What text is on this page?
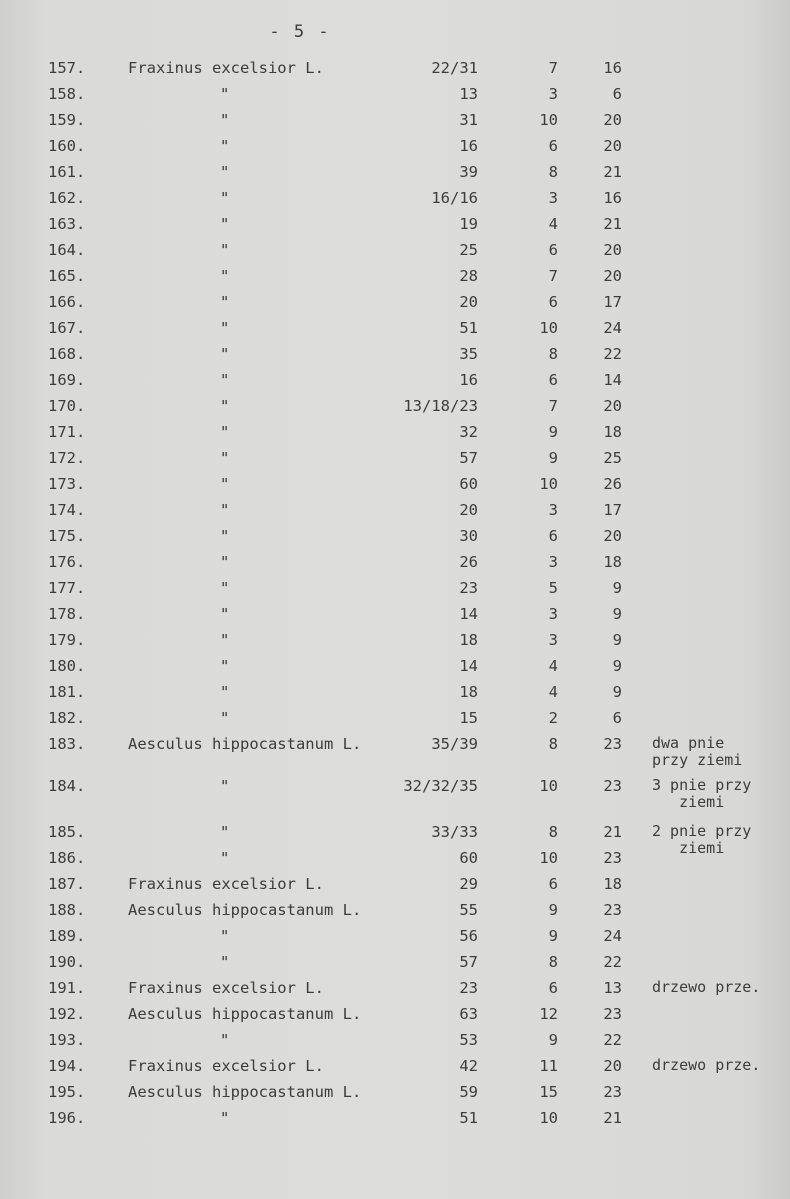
- 5 -
157.	Fraxinus excelsior L.	22/31	7	16
158.	"	13	3	6
159.	"	31	10	20
160.	"	16	6	20
161.	"	39	8	21
162.	"	16/16	3	16
163.	"	19	4	21
164.	"	25	6	20
165.	"	28	7	20
166.	"	20	6	17
167.	"	51	10	24
168.	"	35	8	22
169.	"	16	6	14
170.	"	13/18/23	7	20
171.	"	32	9	18
172.	"	57	9	25
173.	"	60	10	26
174.	"	20	3	17
175.	"	30	6	20
176.	"	26	3	18
177.	"	23	5	9
178.	"	14	3	9
179.	"	18	3	9
180.	"	14	4	9
181.	"	18	4	9
182.	"	15	2	6
183.	Aesculus hippocastanum L.	35/39	8	23 dwa pnie
przy ziemi
184.	"	32/32/35	10	23 3 pnie przy
ziemi
185.	"	33/33	8	21 2 pnie przy
ziemi
186.	"	60	10	23
187.	Fraxinus excelsior L.	29	6	18
188.	Aesculus hippocastanum L.	55	9	23
189.	"	56	9	24
190.	"	57	8	22
191.	Fraxinus excelsior L.	23	6	13 drzewo prze.
192.	Aesculus hippocastanum L.	63	12	23
193.	"	53	9	22
194.	Fraxinus excelsior L.	42	11	20 drzewo prze.
195.	Aesculus hippocastanum L.	59	15	23
196.	"	51	10	21
